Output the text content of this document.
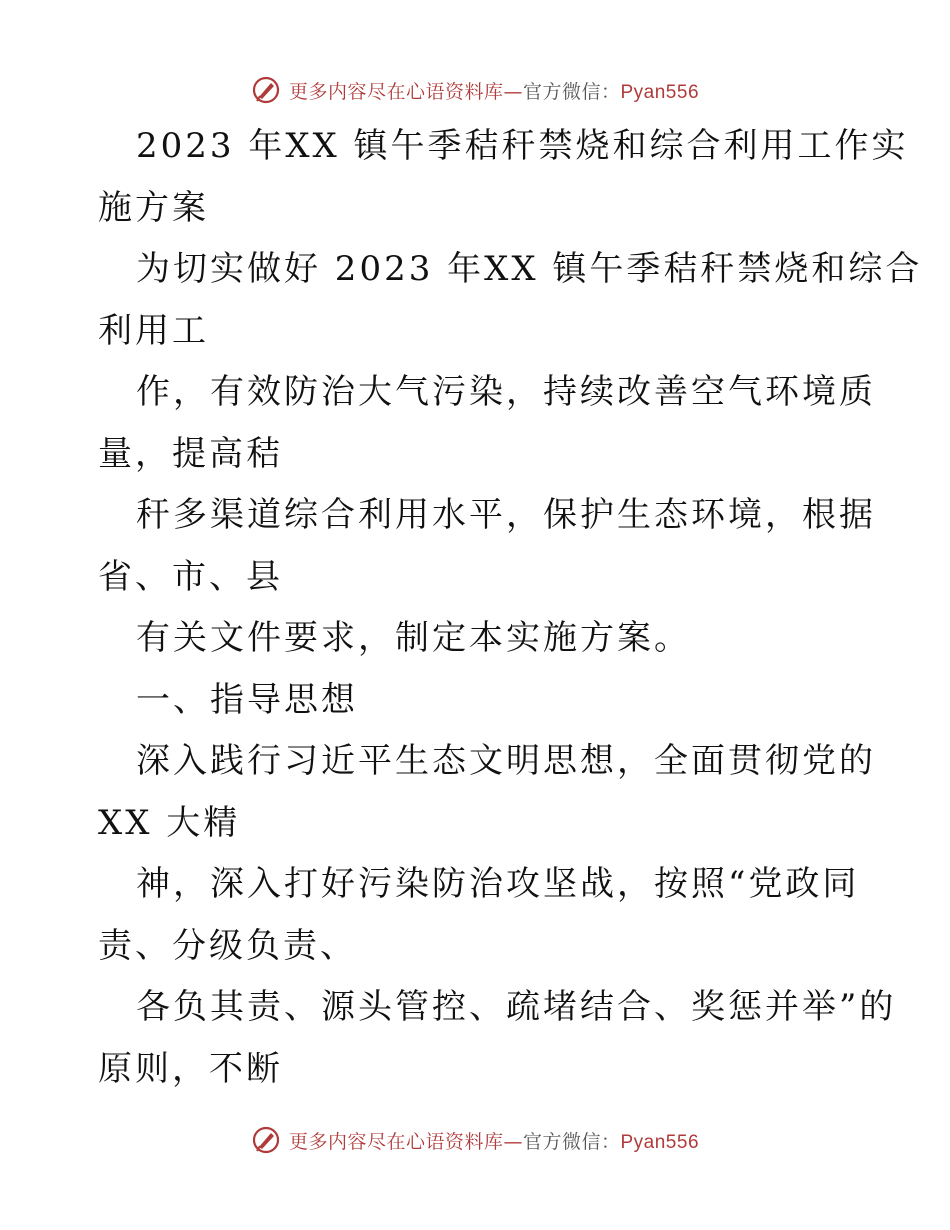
更多内容尽在心语资料库—官方微信：Pyan556
2023 年XX 镇午季秸秆禁烧和综合利用工作实
施方案
为切实做好 2023 年XX 镇午季秸秆禁烧和综合
利用工
作，有效防治大气污染，持续改善空气环境质
量，提高秸
秆多渠道综合利用水平，保护生态环境，根据
省、市、县
有关文件要求，制定本实施方案。
一、指导思想
深入践行习近平生态文明思想，全面贯彻党的
XX 大精
神，深入打好污染防治攻坚战，按照“党政同
责、分级负责、
各负其责、源头管控、疏堵结合、奖惩并举”的
原则，不断
更多内容尽在心语资料库—官方微信：Pyan556
